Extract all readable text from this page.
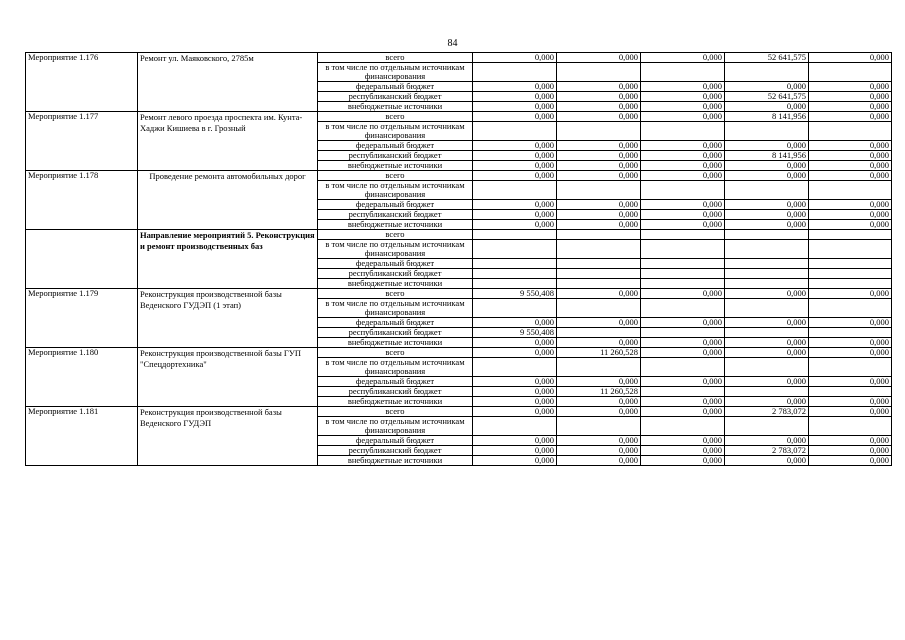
84
Мероприятие 1.176	Ремонт ул. Маяковского, 2785м	всего	0,000	0,000	0,000	52 641,575	0,000
		в том числе по отдельным источникам финансирования					
		федеральный бюджет	0,000	0,000	0,000	0,000	0,000
		республиканский бюджет	0,000	0,000	0,000	52 641,575	0,000
		внебюджетные источники	0,000	0,000	0,000	0,000	0,000
Мероприятие 1.177	Ремонт левого проезда проспекта им. Кунта-Хаджи Кишиева в г. Грозный	всего	0,000	0,000	0,000	8 141,956	0,000
		в том числе по отдельным источникам финансирования					
		федеральный бюджет	0,000	0,000	0,000	0,000	0,000
		республиканский бюджет	0,000	0,000	0,000	8 141,956	0,000
		внебюджетные источники	0,000	0,000	0,000	0,000	0,000
Мероприятие 1.178	Проведение ремонта автомобильных дорог	всего	0,000	0,000	0,000	0,000	0,000
		в том числе по отдельным источникам финансирования					
		федеральный бюджет	0,000	0,000	0,000	0,000	0,000
		республиканский бюджет	0,000	0,000	0,000	0,000	0,000
		внебюджетные источники	0,000	0,000	0,000	0,000	0,000

	Направление мероприятий 5. Реконструкция и ремонт производственных баз	всего					
		в том числе по отдельным источникам финансирования					
		федеральный бюджет					
		республиканский бюджет					
		внебюджетные источники					
Мероприятие 1.179	Реконструкция производственной базы Веденского ГУДЭП (1 этап)	всего	9 550,408	0,000	0,000	0,000	0,000
		в том числе по отдельным источникам финансирования					
		федеральный бюджет	0,000	0,000	0,000	0,000	0,000
		республиканский бюджет	9 550,408				
		внебюджетные источники	0,000	0,000	0,000	0,000	0,000
Мероприятие 1.180	Реконструкция производственной базы ГУП "Спецдортехника"	всего	0,000	11 260,528	0,000	0,000	0,000
		в том числе по отдельным источникам финансирования					
		федеральный бюджет	0,000	0,000	0,000	0,000	0,000
		республиканский бюджет	0,000	11 260,528			
		внебюджетные источники	0,000	0,000	0,000	0,000	0,000
Мероприятие 1.181	Реконструкция производственной базы Веденского ГУДЭП	всего	0,000	0,000	0,000	2 783,072	0,000
		в том числе по отдельным источникам финансирования					
		федеральный бюджет	0,000	0,000	0,000	0,000	0,000
		республиканский бюджет	0,000	0,000	0,000	2 783,072	0,000
		внебюджетные источники	0,000	0,000	0,000	0,000	0,000
